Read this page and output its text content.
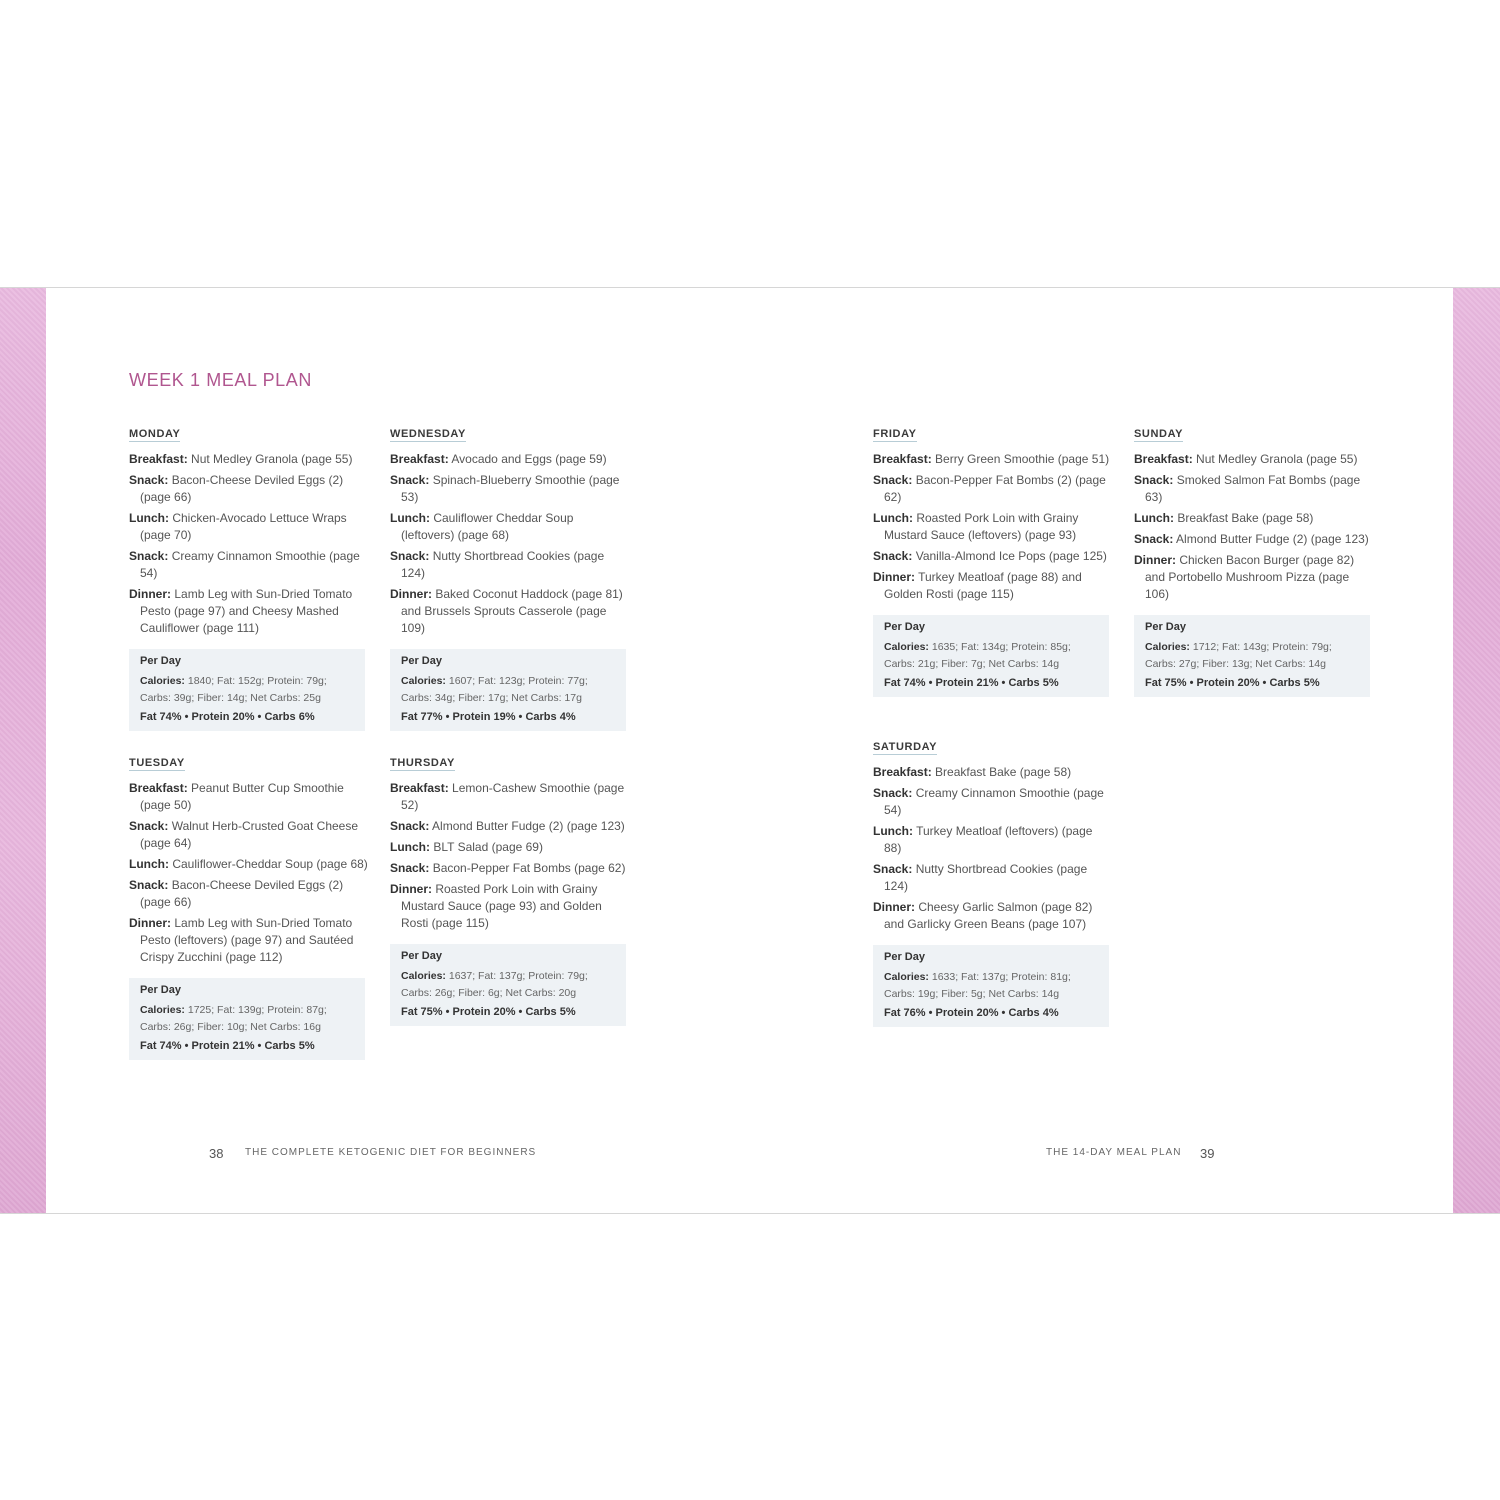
WEEK 1 MEAL PLAN
MONDAY
Breakfast: Nut Medley Granola (page 55)
Snack: Bacon-Cheese Deviled Eggs (2) (page 66)
Lunch: Chicken-Avocado Lettuce Wraps (page 70)
Snack: Creamy Cinnamon Smoothie (page 54)
Dinner: Lamb Leg with Sun-Dried Tomato Pesto (page 97) and Cheesy Mashed Cauliflower (page 111)
Per Day
Calories: 1840; Fat: 152g; Protein: 79g; Carbs: 39g; Fiber: 14g; Net Carbs: 25g
Fat 74% • Protein 20% • Carbs 6%
TUESDAY
Breakfast: Peanut Butter Cup Smoothie (page 50)
Snack: Walnut Herb-Crusted Goat Cheese (page 64)
Lunch: Cauliflower-Cheddar Soup (page 68)
Snack: Bacon-Cheese Deviled Eggs (2) (page 66)
Dinner: Lamb Leg with Sun-Dried Tomato Pesto (leftovers) (page 97) and Sautéed Crispy Zucchini (page 112)
Per Day
Calories: 1725; Fat: 139g; Protein: 87g; Carbs: 26g; Fiber: 10g; Net Carbs: 16g
Fat 74% • Protein 21% • Carbs 5%
WEDNESDAY
Breakfast: Avocado and Eggs (page 59)
Snack: Spinach-Blueberry Smoothie (page 53)
Lunch: Cauliflower Cheddar Soup (leftovers) (page 68)
Snack: Nutty Shortbread Cookies (page 124)
Dinner: Baked Coconut Haddock (page 81) and Brussels Sprouts Casserole (page 109)
Per Day
Calories: 1607; Fat: 123g; Protein: 77g; Carbs: 34g; Fiber: 17g; Net Carbs: 17g
Fat 77% • Protein 19% • Carbs 4%
THURSDAY
Breakfast: Lemon-Cashew Smoothie (page 52)
Snack: Almond Butter Fudge (2) (page 123)
Lunch: BLT Salad (page 69)
Snack: Bacon-Pepper Fat Bombs (page 62)
Dinner: Roasted Pork Loin with Grainy Mustard Sauce (page 93) and Golden Rosti (page 115)
Per Day
Calories: 1637; Fat: 137g; Protein: 79g; Carbs: 26g; Fiber: 6g; Net Carbs: 20g
Fat 75% • Protein 20% • Carbs 5%
FRIDAY
Breakfast: Berry Green Smoothie (page 51)
Snack: Bacon-Pepper Fat Bombs (2) (page 62)
Lunch: Roasted Pork Loin with Grainy Mustard Sauce (leftovers) (page 93)
Snack: Vanilla-Almond Ice Pops (page 125)
Dinner: Turkey Meatloaf (page 88) and Golden Rosti (page 115)
Per Day
Calories: 1635; Fat: 134g; Protein: 85g; Carbs: 21g; Fiber: 7g; Net Carbs: 14g
Fat 74% • Protein 21% • Carbs 5%
SATURDAY
Breakfast: Breakfast Bake (page 58)
Snack: Creamy Cinnamon Smoothie (page 54)
Lunch: Turkey Meatloaf (leftovers) (page 88)
Snack: Nutty Shortbread Cookies (page 124)
Dinner: Cheesy Garlic Salmon (page 82) and Garlicky Green Beans (page 107)
Per Day
Calories: 1633; Fat: 137g; Protein: 81g; Carbs: 19g; Fiber: 5g; Net Carbs: 14g
Fat 76% • Protein 20% • Carbs 4%
SUNDAY
Breakfast: Nut Medley Granola (page 55)
Snack: Smoked Salmon Fat Bombs (page 63)
Lunch: Breakfast Bake (page 58)
Snack: Almond Butter Fudge (2) (page 123)
Dinner: Chicken Bacon Burger (page 82) and Portobello Mushroom Pizza (page 106)
Per Day
Calories: 1712; Fat: 143g; Protein: 79g; Carbs: 27g; Fiber: 13g; Net Carbs: 14g
Fat 75% • Protein 20% • Carbs 5%
38 THE COMPLETE KETOGENIC DIET FOR BEGINNERS	THE 14-DAY MEAL PLAN 39
